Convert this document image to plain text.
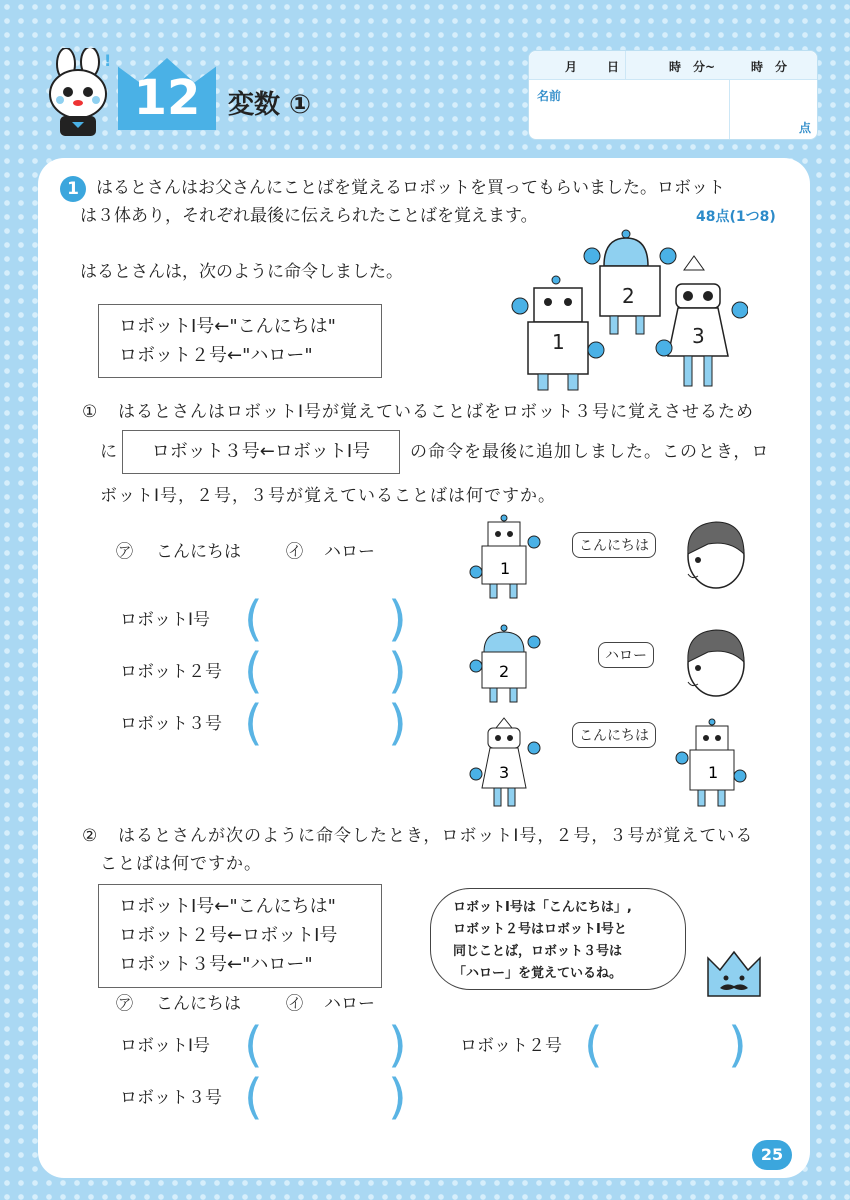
!
12	変数 ①
月 日	時　分~	時　分
名前
点
1	はるとさんはお父さんにことばを覚えるロボットを買ってもらいました。ロボット
は３体あり，それぞれ最後に伝えられたことばを覚えます。	48点(1つ8)
はるとさんは，次のように命令しました。
ロボットⅠ号←"こんにちは"
ロボット２号←"ハロー"
1
2
3
① はるとさんはロボットⅠ号が覚えていることばをロボット３号に覚えさせるため
に	ロボット３号←ロボットⅠ号	の命令を最後に追加しました。このとき，ロ
ボットⅠ号，２号，３号が覚えていることばは何ですか。
㋐ こんにちは	㋑ ハロー
ロボットⅠ号 (	)
ロボット２号 (	)
ロボット３号 (	)
1
こんにちは
2
ハロー
3
こんにちは
1
② はるとさんが次のように命令したとき，ロボットⅠ号，２号，３号が覚えている
ことばは何ですか。
ロボットⅠ号←"こんにちは"
ロボット２号←ロボットⅠ号
ロボット３号←"ハロー"
ロボットⅠ号は「こんにちは」,
ロボット２号はロボットⅠ号と
同じことば，ロボット３号は
「ハロー」を覚えているね。
㋐ こんにちは	㋑ ハロー
ロボットⅠ号 (	)	ロボット２号 (	)
ロボット３号 (	)
25
